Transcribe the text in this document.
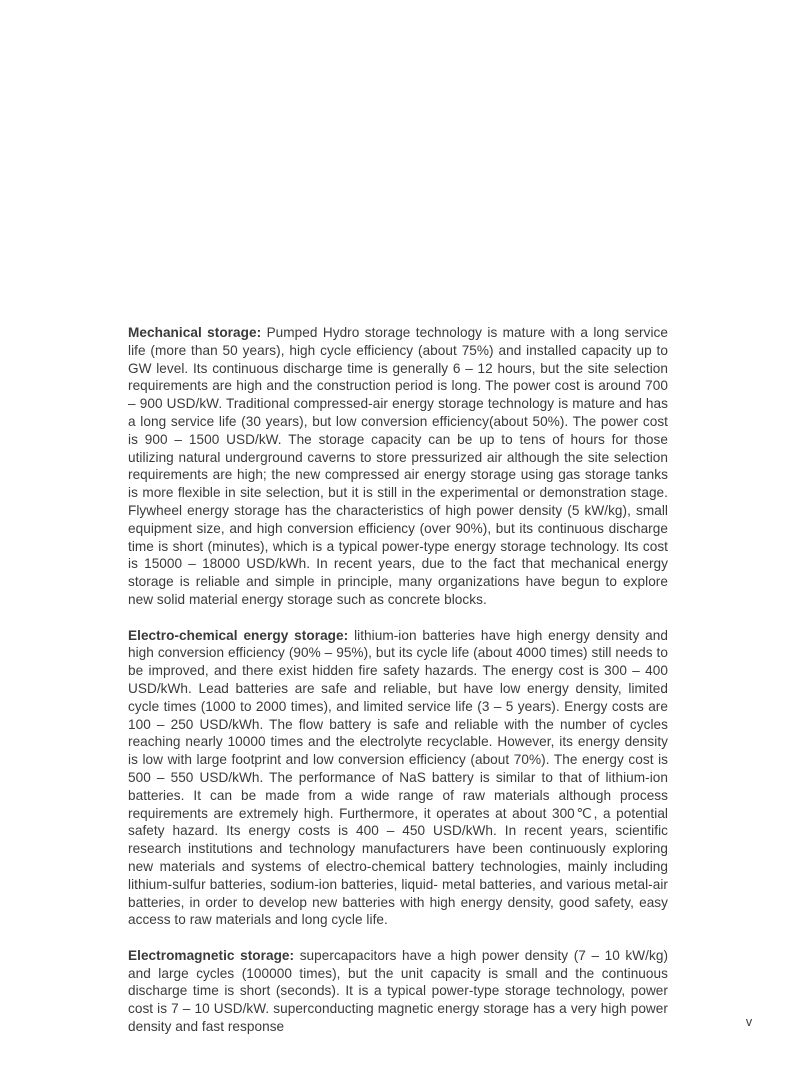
Mechanical storage: Pumped Hydro storage technology is mature with a long service life (more than 50 years), high cycle efficiency (about 75%) and installed capacity up to GW level. Its continuous discharge time is generally 6 – 12 hours, but the site selection requirements are high and the construction period is long. The power cost is around 700 – 900 USD/kW. Traditional compressed-air energy storage technology is mature and has a long service life (30 years), but low conversion efficiency(about 50%). The power cost is 900 – 1500 USD/kW. The storage capacity can be up to tens of hours for those utilizing natural underground caverns to store pressurized air although the site selection requirements are high; the new compressed air energy storage using gas storage tanks is more flexible in site selection, but it is still in the experimental or demonstration stage. Flywheel energy storage has the characteristics of high power density (5 kW/kg), small equipment size, and high conversion efficiency (over 90%), but its continuous discharge time is short (minutes), which is a typical power-type energy storage technology. Its cost is 15000 – 18000 USD/kWh. In recent years, due to the fact that mechanical energy storage is reliable and simple in principle, many organizations have begun to explore new solid material energy storage such as concrete blocks.

Electro-chemical energy storage: lithium-ion batteries have high energy density and high conversion efficiency (90% – 95%), but its cycle life (about 4000 times) still needs to be improved, and there exist hidden fire safety hazards. The energy cost is 300 – 400 USD/kWh. Lead batteries are safe and reliable, but have low energy density, limited cycle times (1000 to 2000 times), and limited service life (3 – 5 years). Energy costs are 100 – 250 USD/kWh. The flow battery is safe and reliable with the number of cycles reaching nearly 10000 times and the electrolyte recyclable. However, its energy density is low with large footprint and low conversion efficiency (about 70%). The energy cost is 500 – 550 USD/kWh. The performance of NaS battery is similar to that of lithium-ion batteries. It can be made from a wide range of raw materials although process requirements are extremely high. Furthermore, it operates at about 300℃, a potential safety hazard. Its energy costs is 400 – 450 USD/kWh. In recent years, scientific research institutions and technology manufacturers have been continuously exploring new materials and systems of electro-chemical battery technologies, mainly including lithium-sulfur batteries, sodium-ion batteries, liquid- metal batteries, and various metal-air batteries, in order to develop new batteries with high energy density, good safety, easy access to raw materials and long cycle life.

Electromagnetic storage: supercapacitors have a high power density (7 – 10 kW/kg) and large cycles (100000 times), but the unit capacity is small and the continuous discharge time is short (seconds). It is a typical power-type storage technology, power cost is 7 – 10 USD/kW. superconducting magnetic energy storage has a very high power density and fast response	v
